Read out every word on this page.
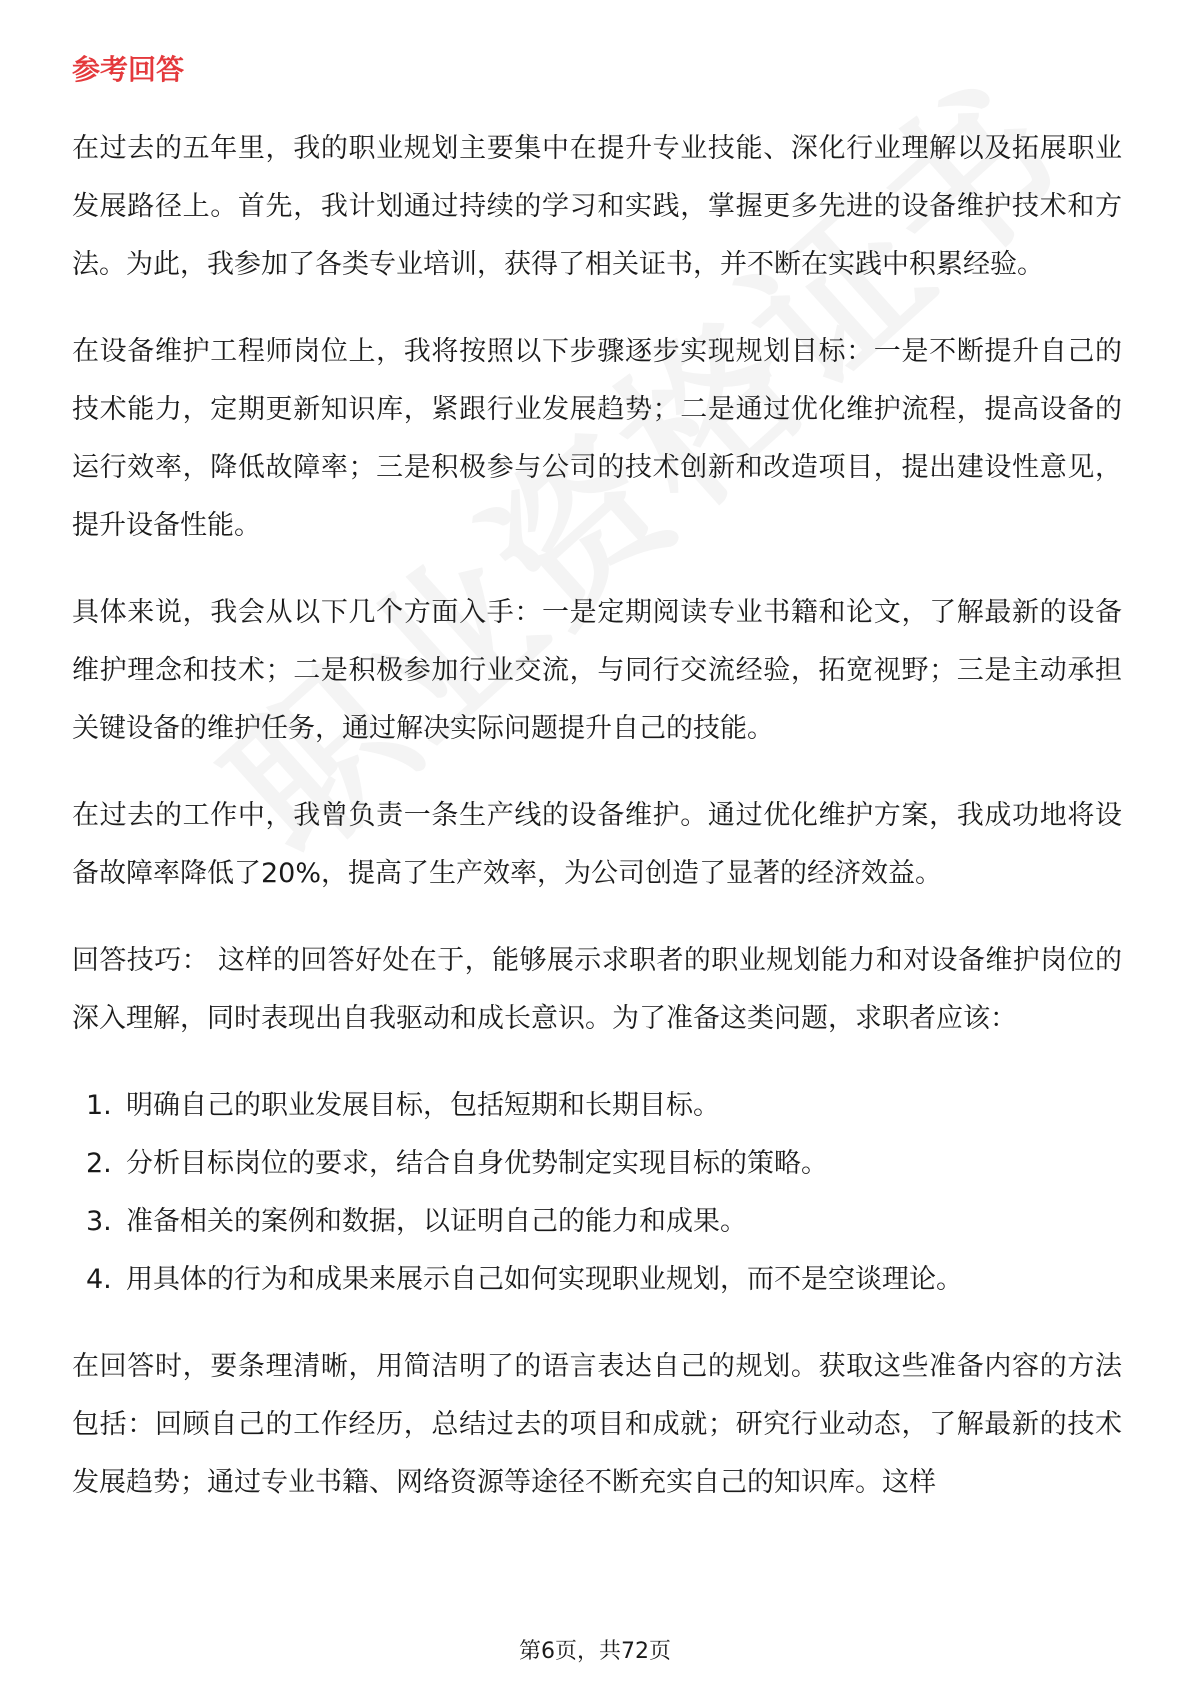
参考回答

在过去的五年里，我的职业规划主要集中在提升专业技能、深化行业理解以及拓展职业发展路径上。首先，我计划通过持续的学习和实践，掌握更多先进的设备维护技术和方法。为此，我参加了各类专业培训，获得了相关证书，并不断在实践中积累经验。

在设备维护工程师岗位上，我将按照以下步骤逐步实现规划目标：一是不断提升自己的技术能力，定期更新知识库，紧跟行业发展趋势；二是通过优化维护流程，提高设备的运行效率，降低故障率；三是积极参与公司的技术创新和改造项目，提出建设性意见，提升设备性能。

具体来说，我会从以下几个方面入手：一是定期阅读专业书籍和论文，了解最新的设备维护理念和技术；二是积极参加行业交流，与同行交流经验，拓宽视野；三是主动承担关键设备的维护任务，通过解决实际问题提升自己的技能。

在过去的工作中，我曾负责一条生产线的设备维护。通过优化维护方案，我成功地将设备故障率降低了20%，提高了生产效率，为公司创造了显著的经济效益。

回答技巧： 这样的回答好处在于，能够展示求职者的职业规划能力和对设备维护岗位的深入理解，同时表现出自我驱动和成长意识。为了准备这类问题，求职者应该：

1. 明确自己的职业发展目标，包括短期和长期目标。
2. 分析目标岗位的要求，结合自身优势制定实现目标的策略。
3. 准备相关的案例和数据，以证明自己的能力和成果。
4. 用具体的行为和成果来展示自己如何实现职业规划，而不是空谈理论。

在回答时，要条理清晰，用简洁明了的语言表达自己的规划。获取这些准备内容的方法包括：回顾自己的工作经历，总结过去的项目和成就；研究行业动态，了解最新的技术发展趋势；通过专业书籍、网络资源等途径不断充实自己的知识库。这样

第6页，共72页
